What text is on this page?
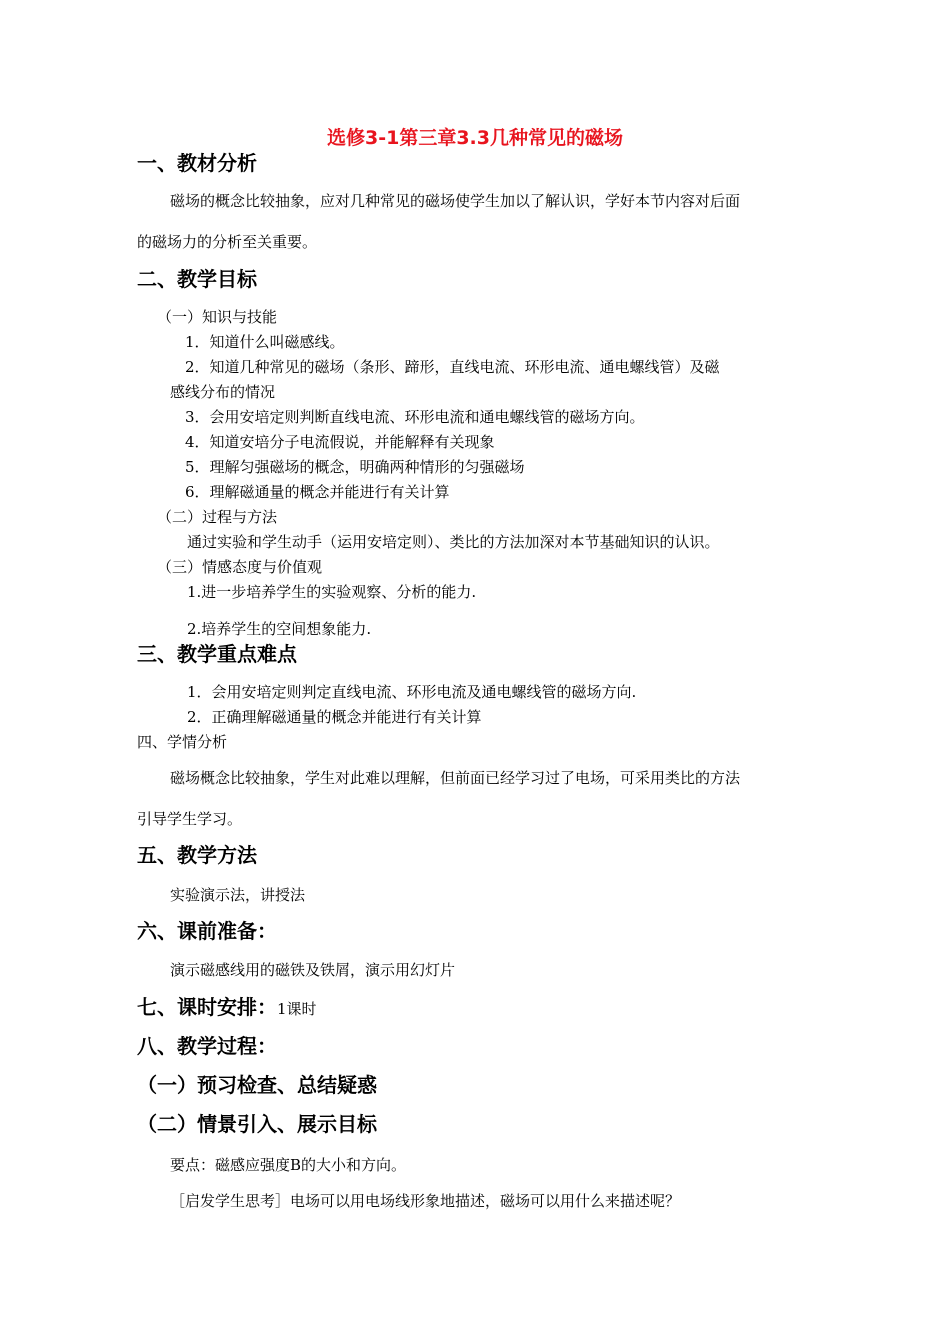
选修3-1第三章3.3几种常见的磁场
一、教材分析
磁场的概念比较抽象，应对几种常见的磁场使学生加以了解认识，学好本节内容对后面
的磁场力的分析至关重要。
二、教学目标
（一）知识与技能
1．知道什么叫磁感线。
2．知道几种常见的磁场（条形、蹄形，直线电流、环形电流、通电螺线管）及磁
感线分布的情况
3．会用安培定则判断直线电流、环形电流和通电螺线管的磁场方向。
4．知道安培分子电流假说，并能解释有关现象
5．理解匀强磁场的概念，明确两种情形的匀强磁场
6．理解磁通量的概念并能进行有关计算
（二）过程与方法
通过实验和学生动手（运用安培定则）、类比的方法加深对本节基础知识的认识。
（三）情感态度与价值观
1.进一步培养学生的实验观察、分析的能力.
2.培养学生的空间想象能力.
三、教学重点难点
1．会用安培定则判定直线电流、环形电流及通电螺线管的磁场方向.
2．正确理解磁通量的概念并能进行有关计算
四、学情分析
磁场概念比较抽象，学生对此难以理解，但前面已经学习过了电场，可采用类比的方法
引导学生学习。
五、教学方法
实验演示法，讲授法
六、课前准备：
演示磁感线用的磁铁及铁屑，演示用幻灯片
七、课时安排：1课时
八、教学过程：
（一）预习检查、总结疑惑
（二）情景引入、展示目标
要点：磁感应强度B的大小和方向。
［启发学生思考］电场可以用电场线形象地描述，磁场可以用什么来描述呢？
